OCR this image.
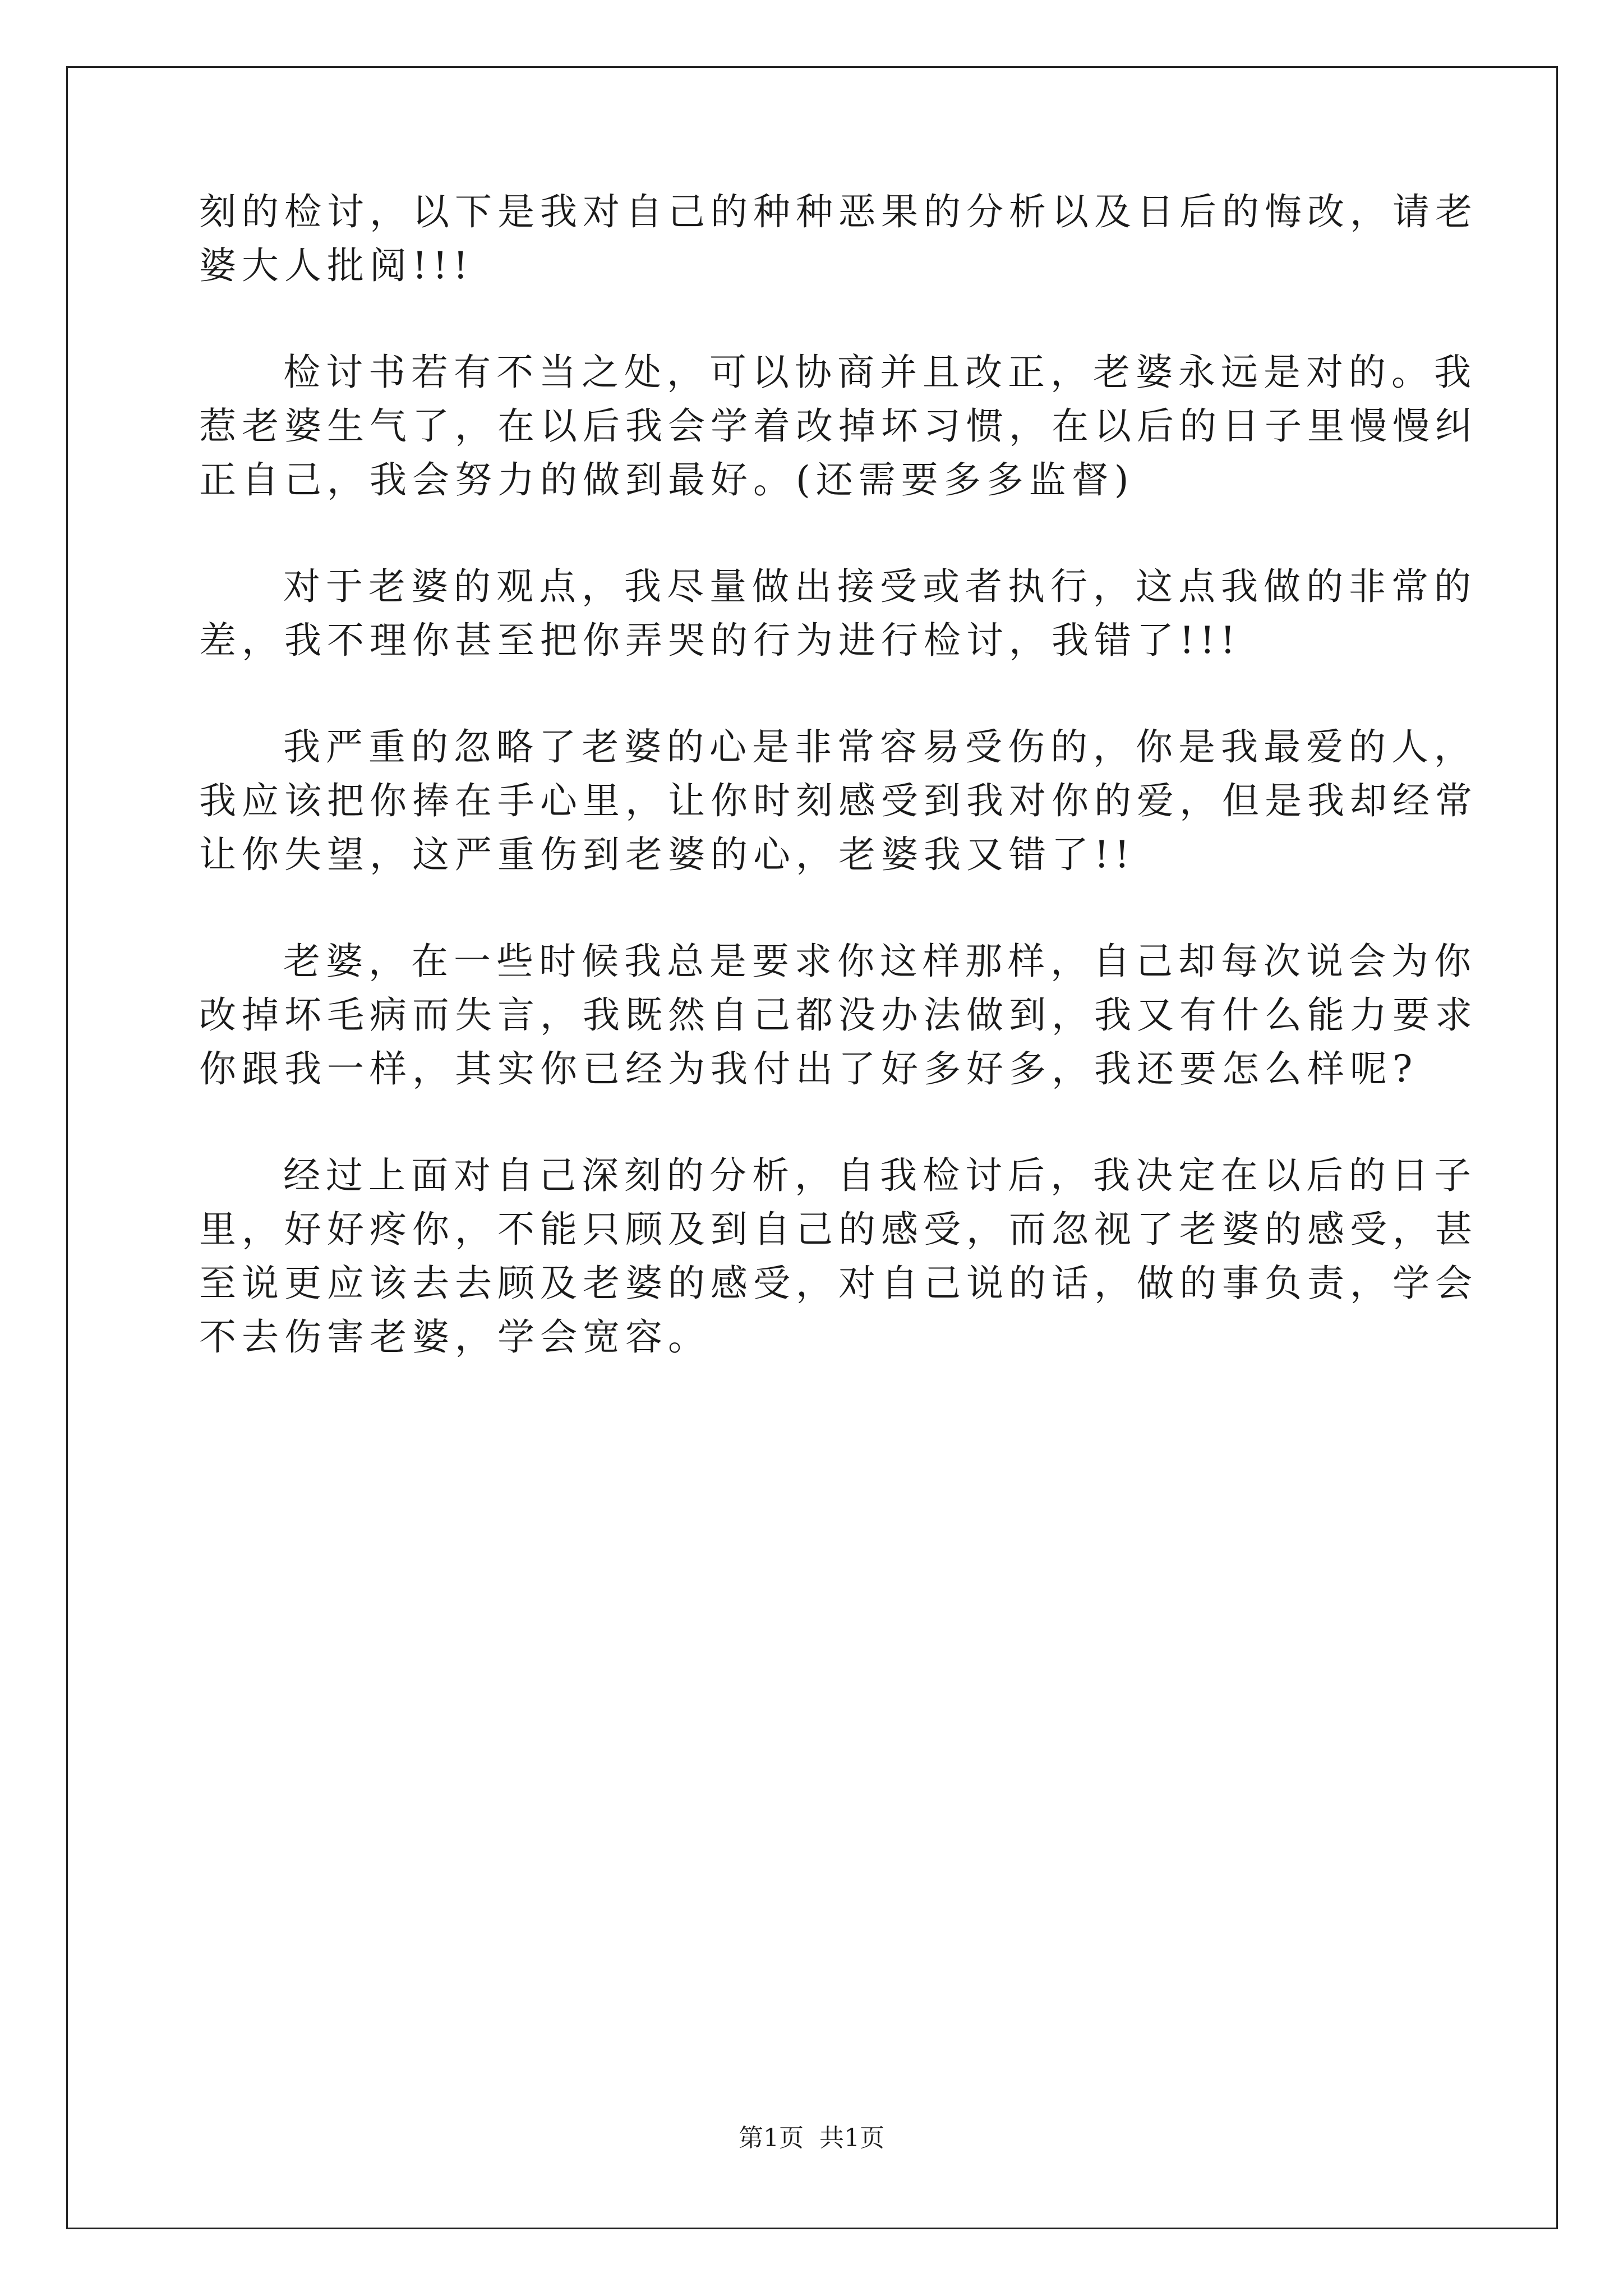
刻的检讨，以下是我对自己的种种恶果的分析以及日后的悔改，请老

婆大人批阅!!!

检讨书若有不当之处，可以协商并且改正，老婆永远是对的。我

惹老婆生气了，在以后我会学着改掉坏习惯，在以后的日子里慢慢纠

正自己，我会努力的做到最好。(还需要多多监督)

对于老婆的观点，我尽量做出接受或者执行，这点我做的非常的

差，我不理你甚至把你弄哭的行为进行检讨，我错了!!!

我严重的忽略了老婆的心是非常容易受伤的，你是我最爱的人，

我应该把你捧在手心里，让你时刻感受到我对你的爱，但是我却经常

让你失望，这严重伤到老婆的心，老婆我又错了!!

老婆，在一些时候我总是要求你这样那样，自己却每次说会为你

改掉坏毛病而失言，我既然自己都没办法做到，我又有什么能力要求

你跟我一样，其实你已经为我付出了好多好多，我还要怎么样呢?

经过上面对自己深刻的分析，自我检讨后，我决定在以后的日子

里，好好疼你，不能只顾及到自己的感受，而忽视了老婆的感受，甚

至说更应该去去顾及老婆的感受，对自己说的话，做的事负责，学会

不去伤害老婆，学会宽容。

第1页  共1页
